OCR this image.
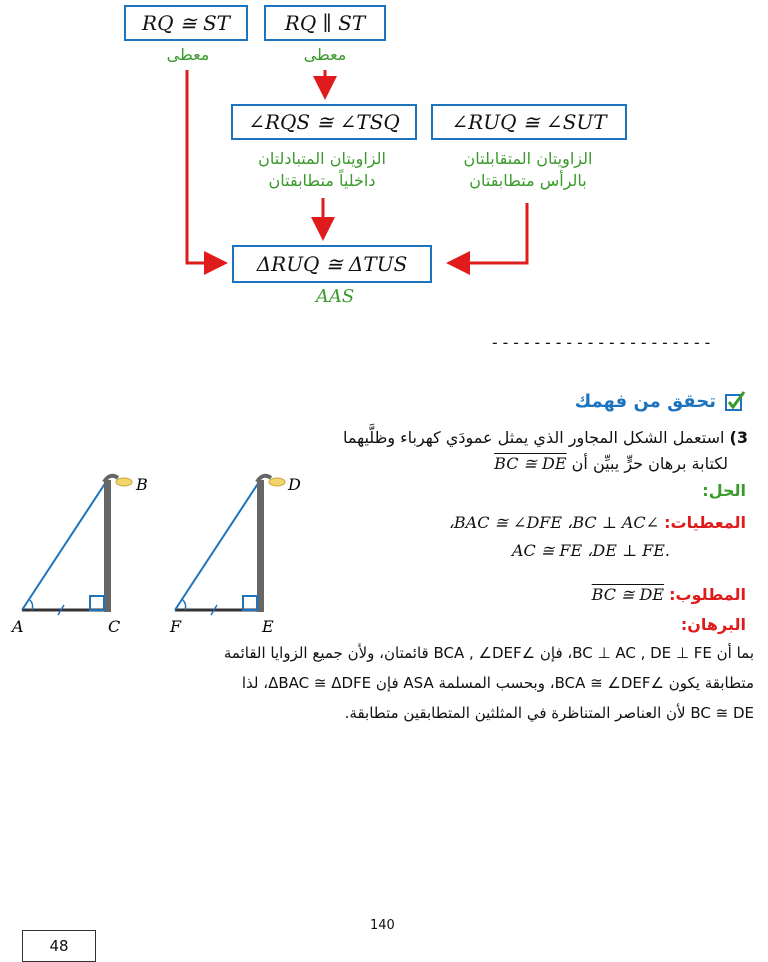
RQ ≅ ST
معطى
RQ ∥ ST
معطى
∠RQS ≅ ∠TSQ	∠RUQ ≅ ∠SUT
الزاويتان المتبادلتان
داخلياً متطابقتان
الزاويتان المتقابلتان
بالرأس متطابقتان
ΔRUQ ≅ ΔTUS
AAS
---------------------
تحقق من فهمك
3) استعمل الشكل المجاور الذي يمثل عمودَي كهرباء وظلَّيهما
لكتابة برهان حرٍّ يبيِّن أن BC ≅ DE
الحل:
المعطيات: ∠BAC ≅ ∠DFE ،BC ⊥ AC،
.AC ≅ FE ،DE ⊥ FE
المطلوب: BC ≅ DE
البرهان:
بما أن BC ⊥ AC , DE ⊥ FE، فإن ∠BCA , ∠DEF قائمتان، ولأن جميع الزوايا القائمة
متطابقة يكون ∠BCA ≅ ∠DEF، وبحسب المسلمة ASA فإن ΔBAC ≅ ΔDFE، لذا
BC ≅ DE لأن العناصر المتناظرة في المثلثين المتطابقين متطابقة.
A	C
B
F	E
D
140
48
